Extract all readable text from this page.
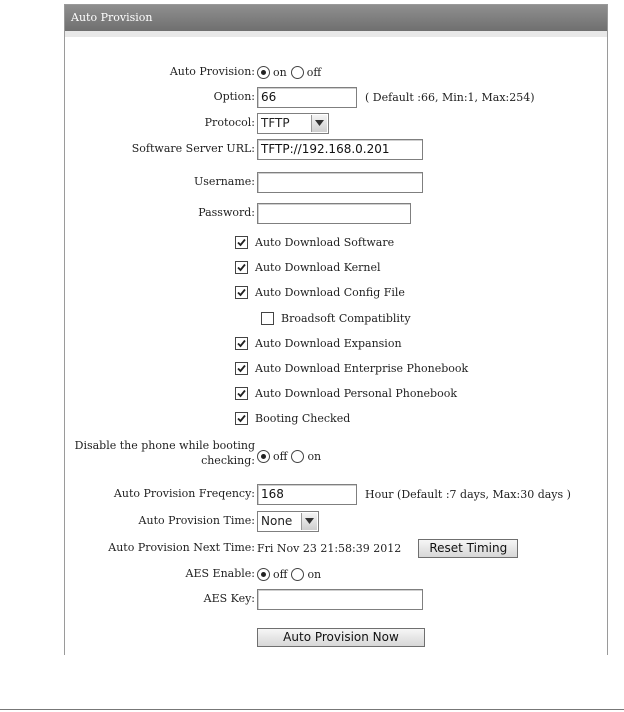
Auto Provision
Auto Provision: on off
Option: 66	( Default :66, Min:1, Max:254)
Protocol: TFTP
Software Server URL: TFTP://192.168.0.201
Username:
Password:
Auto Download Software
Auto Download Kernel
Auto Download Config File
Broadsoft Compatiblity
Auto Download Expansion
Auto Download Enterprise Phonebook
Auto Download Personal Phonebook
Booting Checked
Disable the phone while booting
checking: off on
Auto Provision Freqency: 168	Hour (Default :7 days, Max:30 days )
Auto Provision Time: None
Auto Provision Next Time: Fri Nov 23 21:58:39 2012	Reset Timing
AES Enable: off on
AES Key:
Auto Provision Now
